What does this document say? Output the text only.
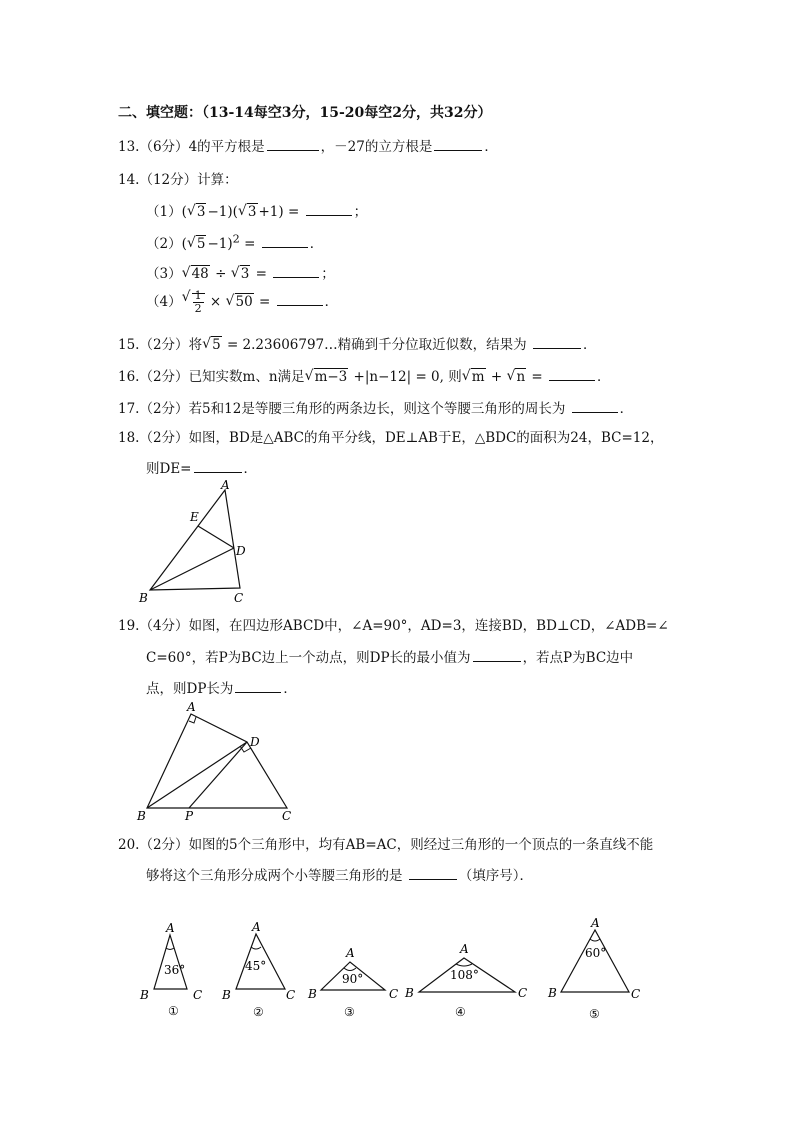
二、填空题：（13-14每空3分，15-20每空2分，共32分）
13.（6分）4的平方根是	，－27的立方根是	．
14.（12分）计算：
（1）( √ 3 −1)( √ 3 +1) =	；
（2）( √ 5 −1)$^2$ =	．
（3） √ 48 ÷ √ 3 =	；
（4） √ $\frac{1}{2}$ × √ 50 =	．
15.（2分）将 √ 5 = 2.23606797…精确到千分位取近似数，结果为	．
16.（2分）已知实数m、n满足 √ m−3 +|n−12| = 0, 则 √ m + √ n =	．
17.（2分）若5和12是等腰三角形的两条边长，则这个等腰三角形的周长为	．
18.（2分）如图，BD是△ABC的角平分线，DE⊥AB于E，△BDC的面积为24，BC=12，
则DE=	．
A
E
D
B	C
19.（4分）如图，在四边形ABCD中，∠A=90°，AD=3，连接BD，BD⊥CD，∠ADB=∠
C=60°，若P为BC边上一个动点，则DP长的最小值为	，若点P为BC边中
点，则DP长为	．
A
D
B	P	C
20.（2分）如图的5个三角形中，均有AB=AC，则经过三角形的一个顶点的一条直线不能
够将这个三角形分成两个小等腰三角形的是	（填序号）．
A
B	C
A
B	C
A
B	C
A
B	C
A
B	C
36°	45°
90°	108°
60°
①	②	③	④	⑤
